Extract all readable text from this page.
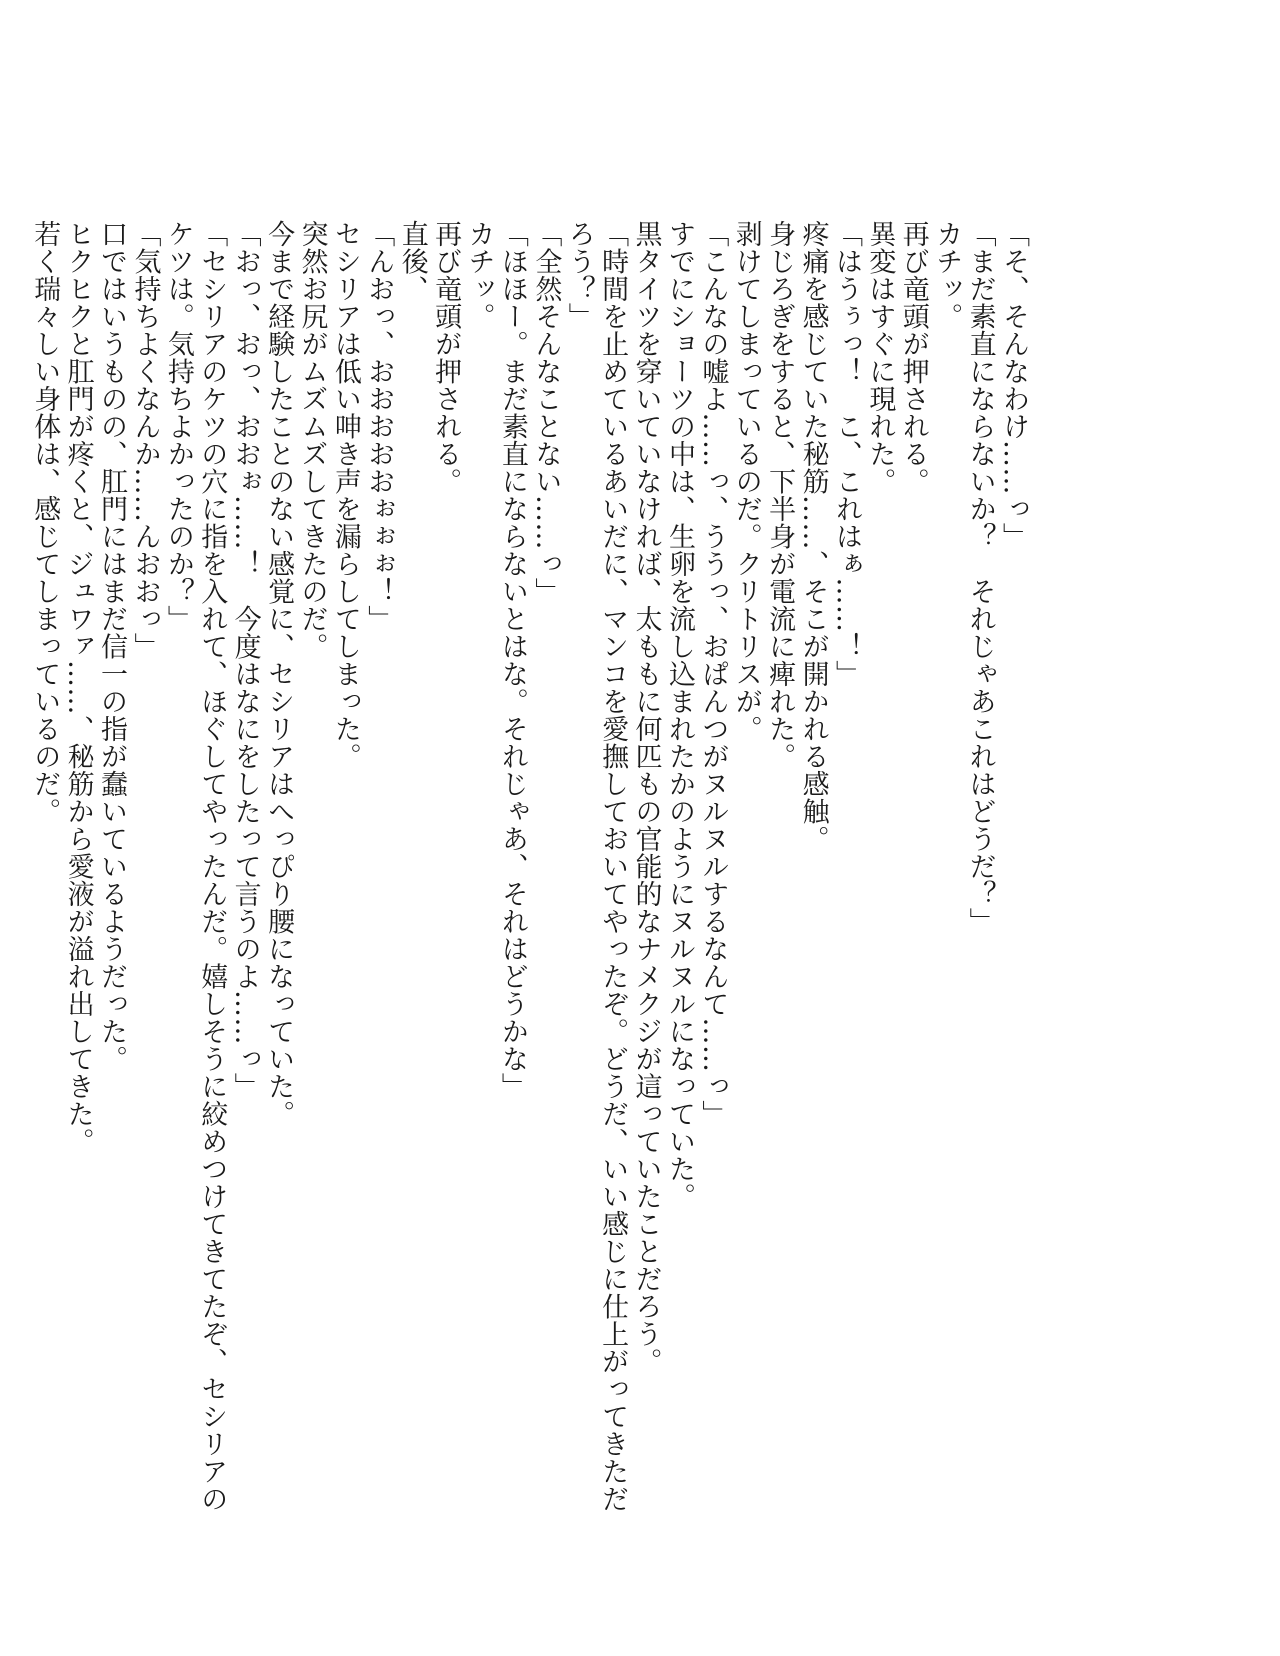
「そ、そんなわけ……っ」

「まだ素直にならないか？　それじゃあこれはどうだ？」

カチッ。

再び竜頭が押される。

異変はすぐに現れた。

「はうぅっ！　こ、これはぁ……！」

疼痛を感じていた秘筋……、そこが開かれる感触。

身じろぎをすると、下半身が電流に痺れた。

剥けてしまっているのだ。クリトリスが。

「こんなの嘘よ……っ、ううっ、おぱんつがヌルヌルするなんて……っ」

すでにショーツの中は、生卵を流し込まれたかのようにヌルヌルになっていた。

黒タイツを穿いていなければ、太ももに何匹もの官能的なナメクジが這っていたことだろう。

「時間を止めているあいだに、マンコを愛撫しておいてやったぞ。どうだ、いい感じに仕上がってきただろう？」

「全然そんなことない……っ」

「ほほー。まだ素直にならないとはな。それじゃあ、それはどうかな」

カチッ。

再び竜頭が押される。

直後、

「んおっ、おおおおおぉぉぉ！」

セシリアは低い呻き声を漏らしてしまった。

突然お尻がムズムズしてきたのだ。

今まで経験したことのない感覚に、セシリアはへっぴり腰になっていた。

「おっ、おっ、おおぉ……！　今度はなにをしたって言うのよ……っ」

「セシリアのケツの穴に指を入れて、ほぐしてやったんだ。嬉しそうに絞めつけてきてたぞ、セシリアのケツは。気持ちよかったのか？」

「気持ちよくなんか……んおおっ」

口ではいうものの、肛門にはまだ信一の指が蠢いているようだった。

ヒクヒクと肛門が疼くと、ジュワァ……、秘筋から愛液が溢れ出してきた。

若く瑞々しい身体は、感じてしまっているのだ。
